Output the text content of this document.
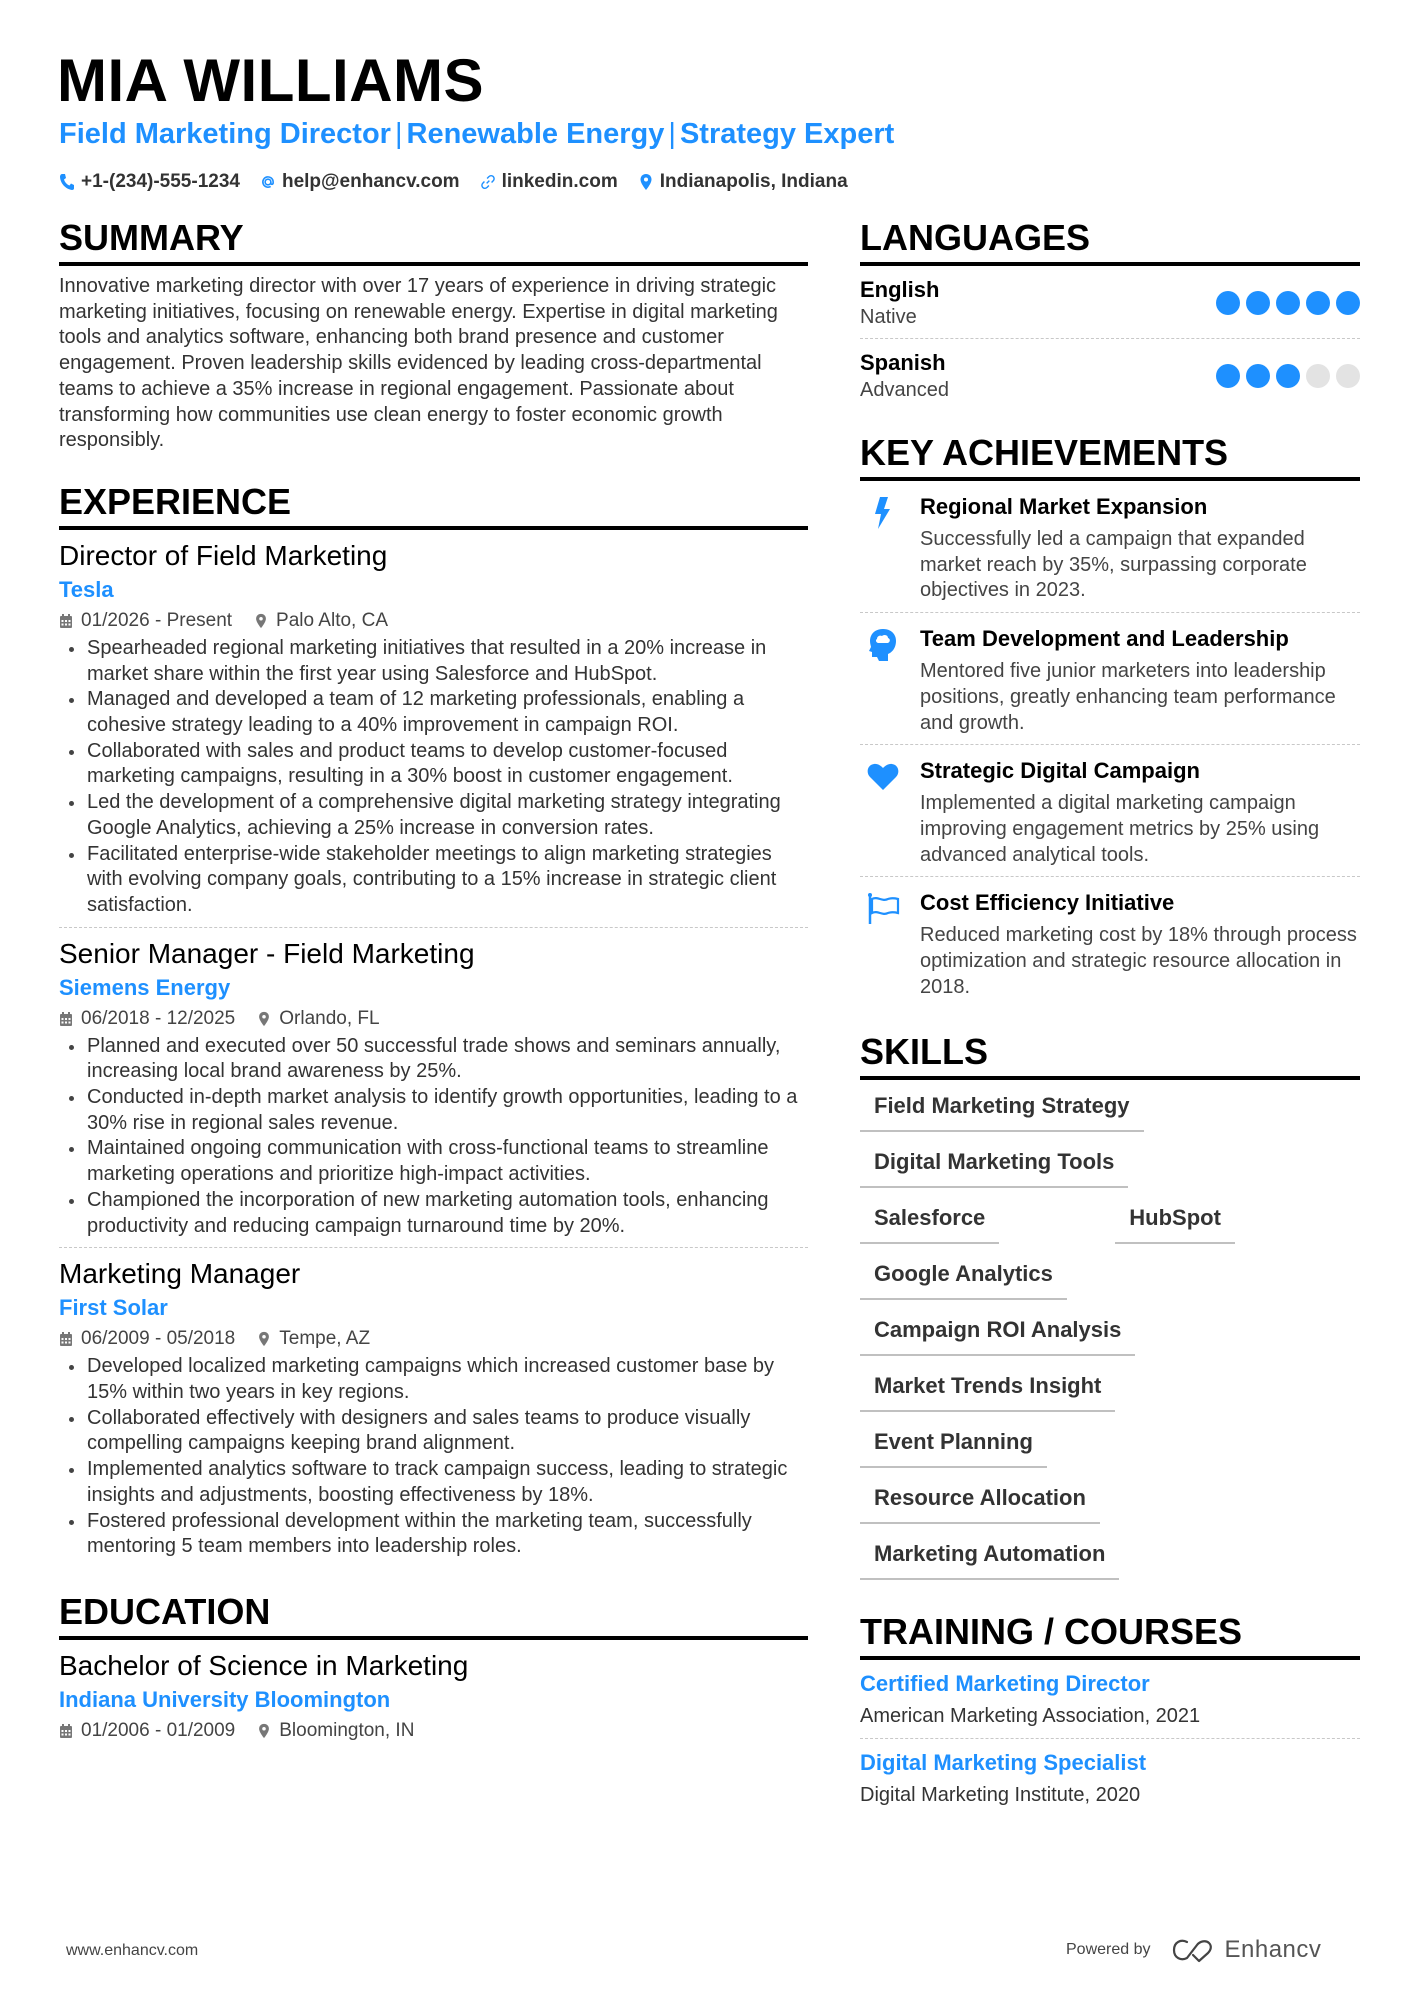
MIA WILLIAMS
Field Marketing Director | Renewable Energy | Strategy Expert
+1-(234)-555-1234 help@enhancv.com linkedin.com Indianapolis, Indiana
SUMMARY

Innovative marketing director with over 17 years of experience in driving strategic marketing initiatives, focusing on renewable energy. Expertise in digital marketing tools and analytics software, enhancing both brand presence and customer engagement. Proven leadership skills evidenced by leading cross-departmental teams to achieve a 35% increase in regional engagement. Passionate about transforming how communities use clean energy to foster economic growth responsibly.

EXPERIENCE
Director of Field Marketing
Tesla
01/2026 - Present Palo Alto, CA
Spearheaded regional marketing initiatives that resulted in a 20% increase in market share within the first year using Salesforce and HubSpot.
Managed and developed a team of 12 marketing professionals, enabling a cohesive strategy leading to a 40% improvement in campaign ROI.
Collaborated with sales and product teams to develop customer-focused marketing campaigns, resulting in a 30% boost in customer engagement.
Led the development of a comprehensive digital marketing strategy integrating Google Analytics, achieving a 25% increase in conversion rates.
Facilitated enterprise-wide stakeholder meetings to align marketing strategies with evolving company goals, contributing to a 15% increase in strategic client satisfaction.
Senior Manager - Field Marketing
Siemens Energy
06/2018 - 12/2025 Orlando, FL
Planned and executed over 50 successful trade shows and seminars annually, increasing local brand awareness by 25%.
Conducted in-depth market analysis to identify growth opportunities, leading to a 30% rise in regional sales revenue.
Maintained ongoing communication with cross-functional teams to streamline marketing operations and prioritize high-impact activities.
Championed the incorporation of new marketing automation tools, enhancing productivity and reducing campaign turnaround time by 20%.
Marketing Manager
First Solar
06/2009 - 05/2018 Tempe, AZ
Developed localized marketing campaigns which increased customer base by 15% within two years in key regions.
Collaborated effectively with designers and sales teams to produce visually compelling campaigns keeping brand alignment.
Implemented analytics software to track campaign success, leading to strategic insights and adjustments, boosting effectiveness by 18%.
Fostered professional development within the marketing team, successfully mentoring 5 team members into leadership roles.
EDUCATION
Bachelor of Science in Marketing
Indiana University Bloomington
01/2006 - 01/2009 Bloomington, IN
LANGUAGES
English
Native
Spanish
Advanced
KEY ACHIEVEMENTS
Regional Market Expansion
Successfully led a campaign that expanded market reach by 35%, surpassing corporate objectives in 2023.
Team Development and Leadership
Mentored five junior marketers into leadership positions, greatly enhancing team performance and growth.
Strategic Digital Campaign
Implemented a digital marketing campaign improving engagement metrics by 25% using advanced analytical tools.
Cost Efficiency Initiative
Reduced marketing cost by 18% through process optimization and strategic resource allocation in 2018.
SKILLS
Field Marketing Strategy
Digital Marketing Tools
Salesforce	HubSpot
Google Analytics
Campaign ROI Analysis
Market Trends Insight
Event Planning
Resource Allocation
Marketing Automation
TRAINING / COURSES
Certified Marketing Director
American Marketing Association, 2021
Digital Marketing Specialist
Digital Marketing Institute, 2020
www.enhancv.com	Powered by	Enhancv
